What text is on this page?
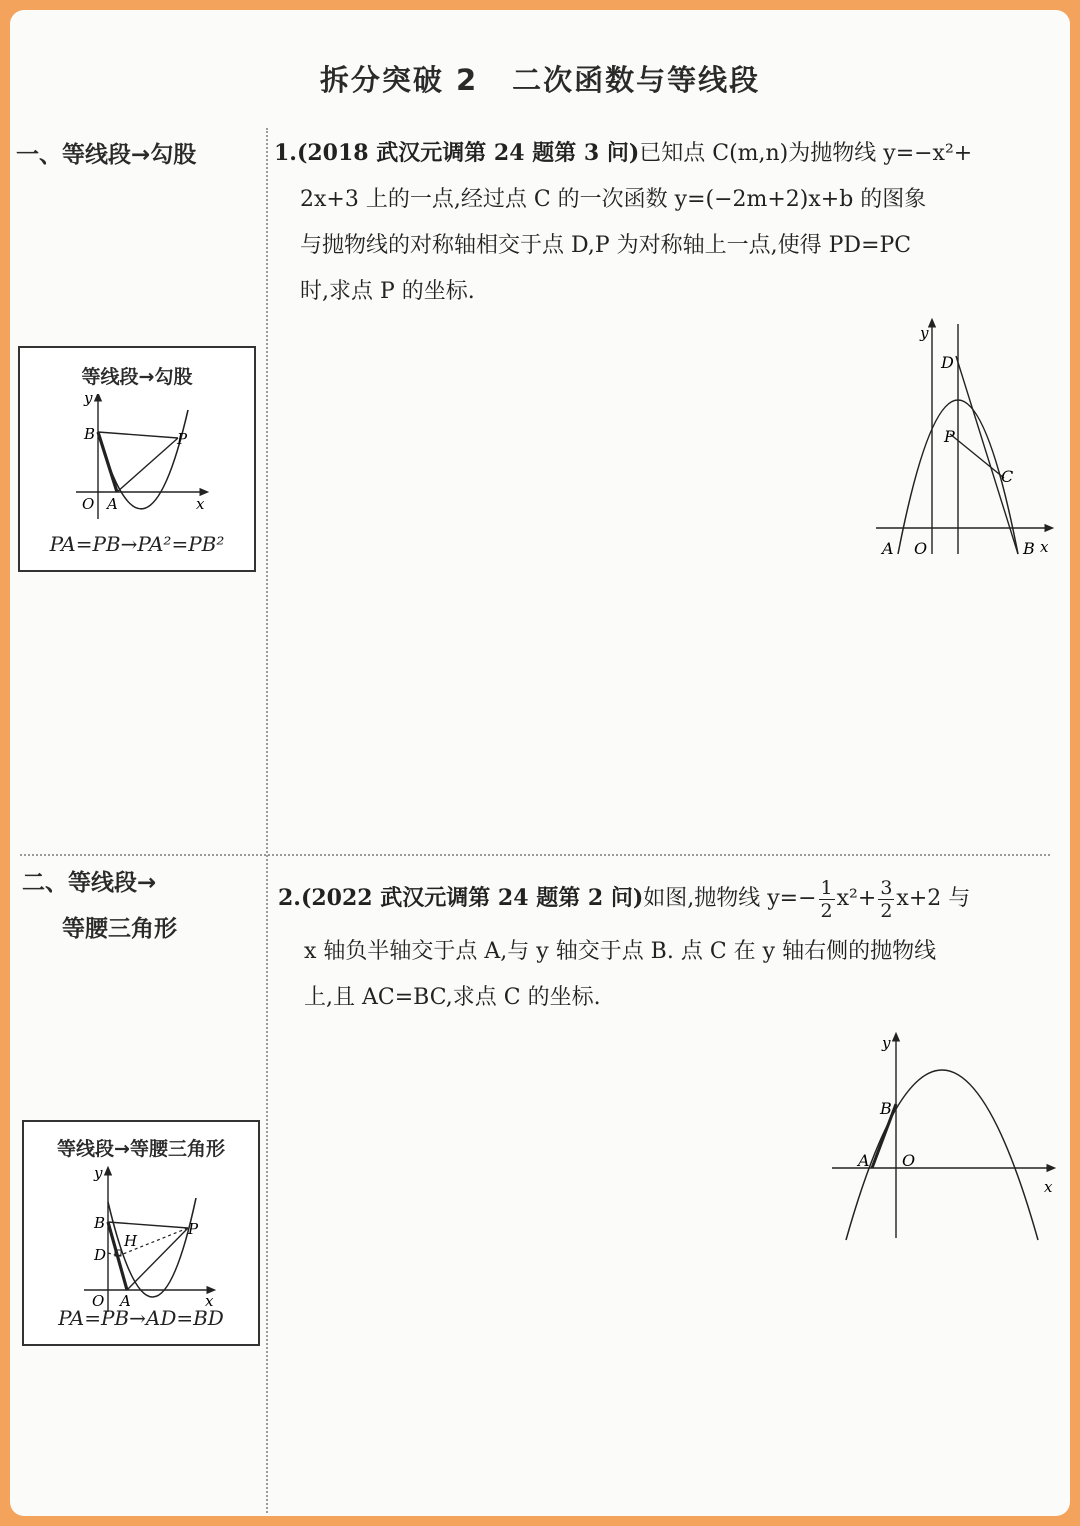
拆分突破 2 二次函数与等线段
一、等线段→勾股
等线段→勾股
y
x
O A
B	P
PA=PB→PA²=PB²

1.(2018 武汉元调第 24 题第 3 问)已知点 C(m,n)为抛物线 y=−x²+

2x+3 上的一点,经过点 C 的一次函数 y=(−2m+2)x+b 的图象

与抛物线的对称轴相交于点 D,P 为对称轴上一点,使得 PD=PC

时,求点 P 的坐标.

y
x
D
P
C
A O	B
二、等线段→
等腰三角形
等线段→等腰三角形
y
x
O A
B
H
D
P
PA=PB→AD=BD

2.(2022 武汉元调第 24 题第 2 问)如图,抛物线 $y=- \frac{1}{2} x^2+ \frac{3}{2} x+2$ 与

x 轴负半轴交于点 A,与 y 轴交于点 B. 点 C 在 y 轴右侧的抛物线

上,且 AC=BC,求点 C 的坐标.

y
x
B
A O
